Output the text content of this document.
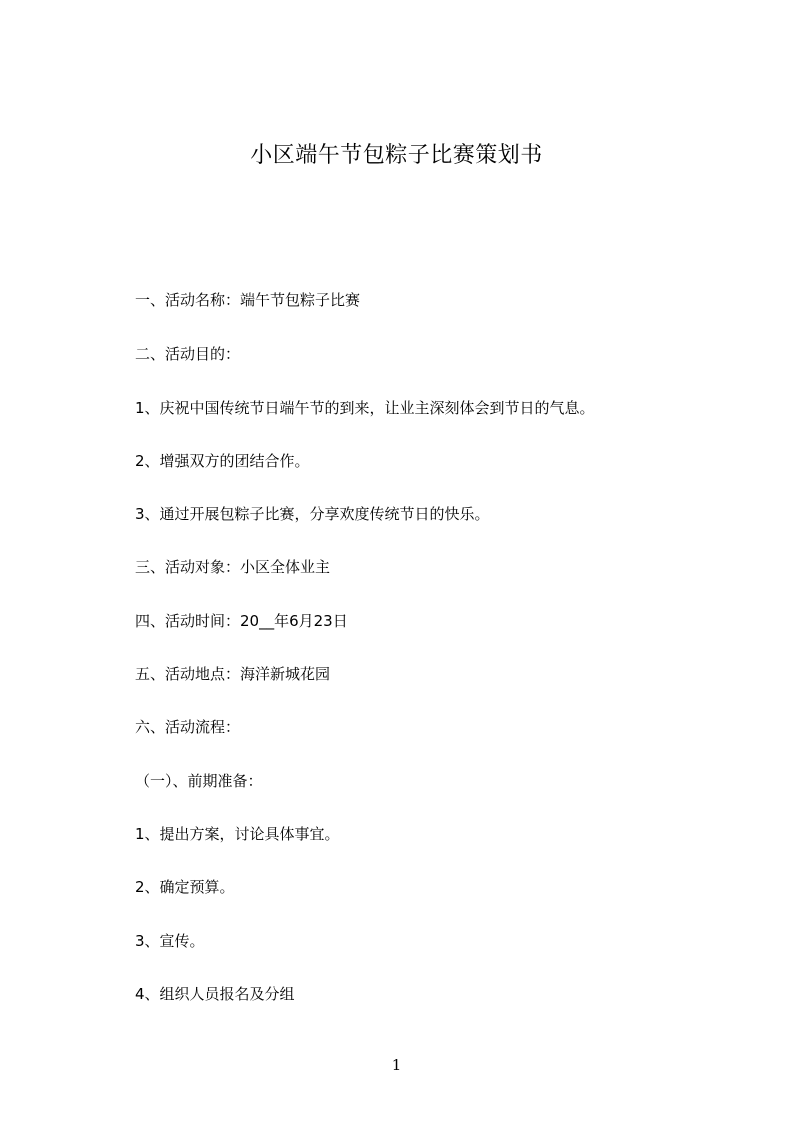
小区端午节包粽子比赛策划书
一、活动名称：端午节包粽子比赛
二、活动目的：
1、庆祝中国传统节日端午节的到来，让业主深刻体会到节日的气息。
2、增强双方的团结合作。
3、通过开展包粽子比赛，分享欢度传统节日的快乐。
三、活动对象：小区全体业主
四、活动时间：20__年6月23日
五、活动地点：海洋新城花园
六、活动流程：
（一）、前期准备：
1、提出方案，讨论具体事宜。
2、确定预算。
3、宣传。
4、组织人员报名及分组
1
